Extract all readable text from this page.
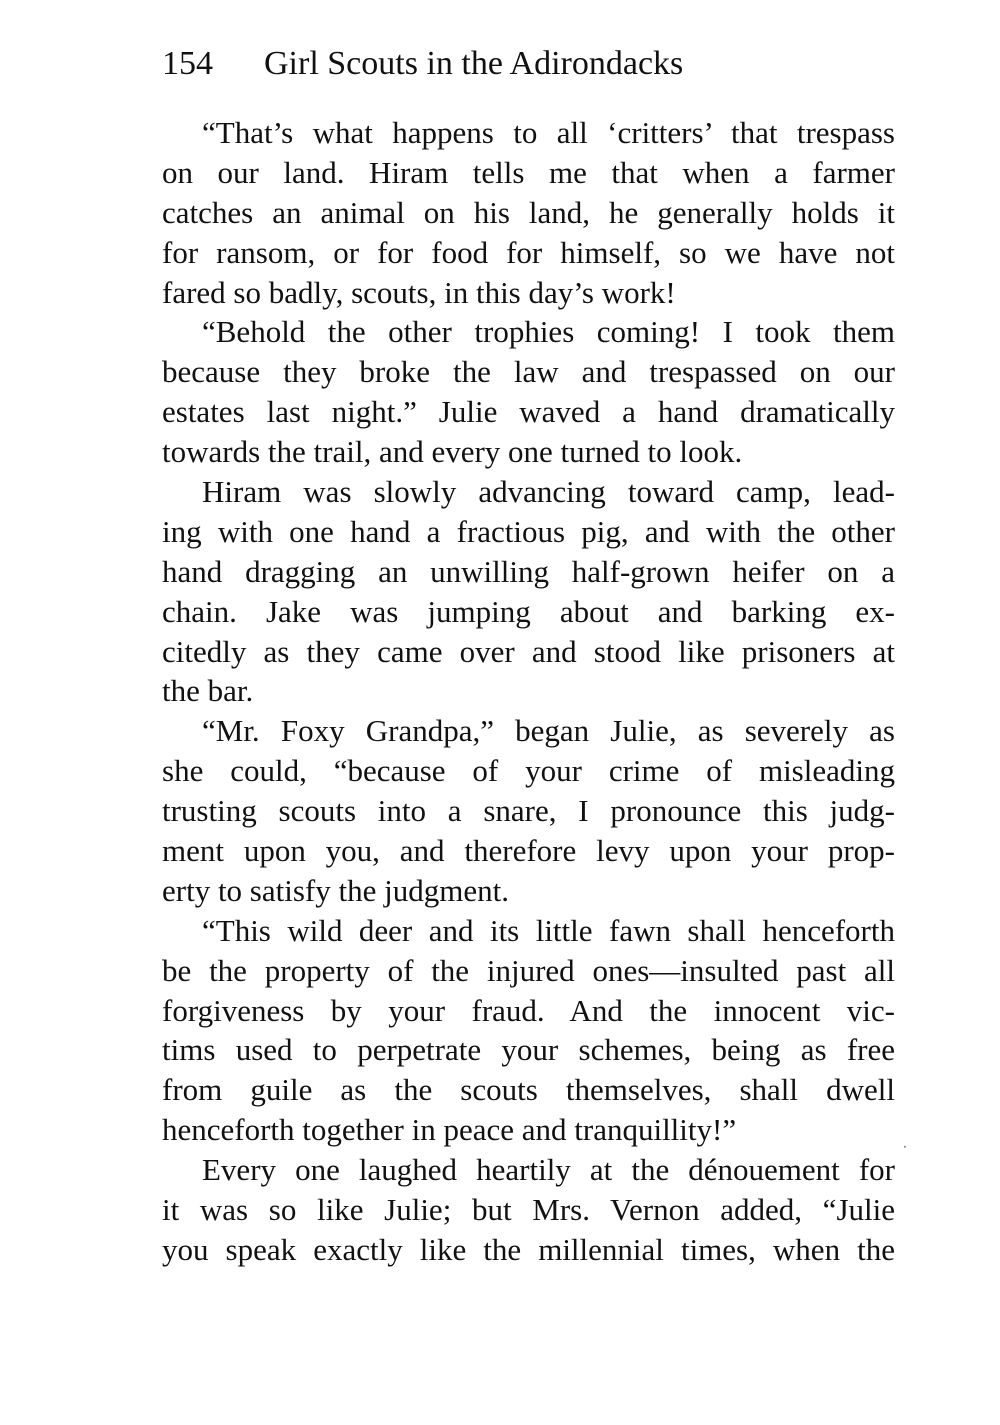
154 Girl Scouts in the Adirondacks
“That’s what happens to all ‘critters’ that trespass
on our land. Hiram tells me that when a farmer
catches an animal on his land, he generally holds it
for ransom, or for food for himself, so we have not
fared so badly, scouts, in this day’s work!
“Behold the other trophies coming! I took them
because they broke the law and trespassed on our
estates last night.” Julie waved a hand dramatically
towards the trail, and every one turned to look.
Hiram was slowly advancing toward camp, lead-
ing with one hand a fractious pig, and with the other
hand dragging an unwilling half-grown heifer on a
chain. Jake was jumping about and barking ex-
citedly as they came over and stood like prisoners at
the bar.
“Mr. Foxy Grandpa,” began Julie, as severely as
she could, “because of your crime of misleading
trusting scouts into a snare, I pronounce this judg-
ment upon you, and therefore levy upon your prop-
erty to satisfy the judgment.
“This wild deer and its little fawn shall henceforth
be the property of the injured ones—insulted past all
forgiveness by your fraud. And the innocent vic-
tims used to perpetrate your schemes, being as free
from guile as the scouts themselves, shall dwell
henceforth together in peace and tranquillity!”
Every one laughed heartily at the dénouement for
it was so like Julie; but Mrs. Vernon added, “Julie
you speak exactly like the millennial times, when the
·
